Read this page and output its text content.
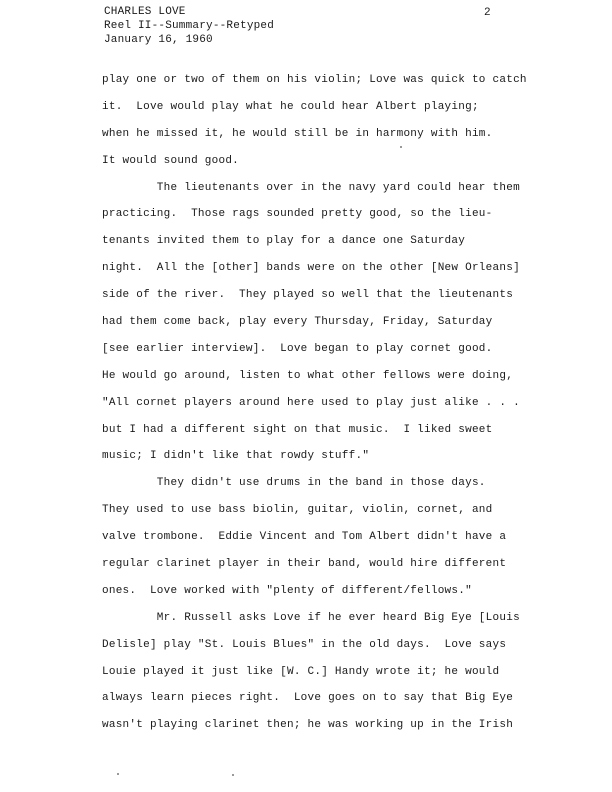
CHARLES LOVE
Reel II--Summary--Retyped
January 16, 1960
2
play one or two of them on his violin; Love was quick to catch
it.  Love would play what he could hear Albert playing;
when he missed it, he would still be in harmony with him.
It would sound good.
The lieutenants over in the navy yard could hear them
practicing.  Those rags sounded pretty good, so the lieu-
tenants invited them to play for a dance one Saturday
night.  All the [other] bands were on the other [New Orleans]
side of the river.  They played so well that the lieutenants
had them come back, play every Thursday, Friday, Saturday
[see earlier interview].  Love began to play cornet good.
He would go around, listen to what other fellows were doing,
"All cornet players around here used to play just alike . . .
but I had a different sight on that music.  I liked sweet
music; I didn't like that rowdy stuff."
They didn't use drums in the band in those days.
They used to use bass biolin, guitar, violin, cornet, and
valve trombone.  Eddie Vincent and Tom Albert didn't have a
regular clarinet player in their band, would hire different
ones.  Love worked with "plenty of different/fellows."
Mr. Russell asks Love if he ever heard Big Eye [Louis
Delisle] play "St. Louis Blues" in the old days.  Love says
Louie played it just like [W. C.] Handy wrote it; he would
always learn pieces right.  Love goes on to say that Big Eye
wasn't playing clarinet then; he was working up in the Irish
